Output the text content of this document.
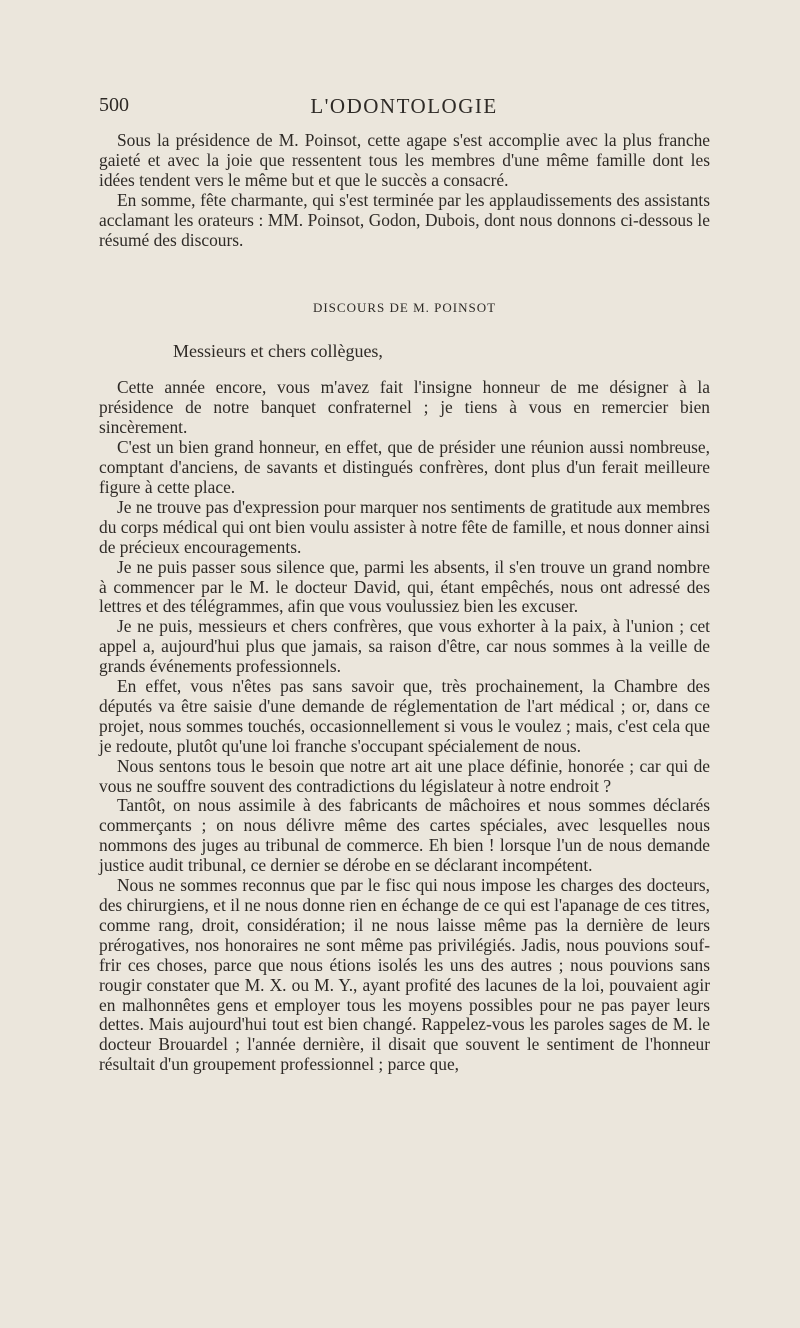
500	L'ODONTOLOGIE

Sous la présidence de M. Poinsot, cette agape s'est accomplie avec la plus franche gaieté et avec la joie que ressentent tous les membres d'une même famille dont les idées tendent vers le même but et que le succès a consacré.

En somme, fête charmante, qui s'est terminée par les applaudissements des assistants acclamant les orateurs : MM. Poinsot, Godon, Dubois, dont nous donnons ci-dessous le résumé des discours.

DISCOURS DE M. POINSOT
Messieurs et chers collègues,

Cette année encore, vous m'avez fait l'insigne honneur de me désigner à la présidence de notre banquet confraternel ; je tiens à vous en remercier bien sincèrement.

C'est un bien grand honneur, en effet, que de présider une réunion aussi nombreuse, comptant d'anciens, de savants et distingués confrères, dont plus d'un ferait meilleure figure à cette place.

Je ne trouve pas d'expression pour marquer nos sentiments de gratitude aux membres du corps médical qui ont bien voulu assister à notre fête de famille, et nous donner ainsi de précieux encouragements.

Je ne puis passer sous silence que, parmi les absents, il s'en trouve un grand nombre à commencer par le M. le docteur David, qui, étant empêchés, nous ont adressé des lettres et des télégrammes, afin que vous voulussiez bien les excuser.

Je ne puis, messieurs et chers confrères, que vous exhorter à la paix, à l'union ; cet appel a, aujourd'hui plus que jamais, sa raison d'être, car nous sommes à la veille de grands événements professionnels.

En effet, vous n'êtes pas sans savoir que, très prochainement, la Chambre des députés va être saisie d'une demande de réglementation de l'art médical ; or, dans ce projet, nous sommes touchés, occasionnellement si vous le voulez ; mais, c'est cela que je redoute, plutôt qu'une loi franche s'occupant spécialement de nous.

Nous sentons tous le besoin que notre art ait une place définie, honorée ; car qui de vous ne souffre souvent des contradictions du législateur à notre endroit ?

Tantôt, on nous assimile à des fabricants de mâchoires et nous sommes déclarés commerçants ; on nous délivre même des cartes spéciales, avec lesquelles nous nommons des juges au tribunal de commerce. Eh bien ! lorsque l'un de nous demande justice audit tribunal, ce dernier se dérobe en se déclarant incompétent.

Nous ne sommes reconnus que par le fisc qui nous impose les charges des docteurs, des chirurgiens, et il ne nous donne rien en échange de ce qui est l'apanage de ces titres, comme rang, droit, considération; il ne nous laisse même pas la dernière de leurs prérogatives, nos honoraires ne sont même pas privilégiés. Jadis, nous pouvions souffrir ces choses, parce que nous étions isolés les uns des autres ; nous pouvions sans rougir constater que M. X. ou M. Y., ayant profité des lacunes de la loi, pouvaient agir en malhonnêtes gens et employer tous les moyens possibles pour ne pas payer leurs dettes. Mais aujourd'hui tout est bien changé. Rappelez-vous les paroles sages de M. le docteur Brouardel ; l'année dernière, il disait que souvent le sentiment de l'honneur résultait d'un groupement professionnel ; parce que,
